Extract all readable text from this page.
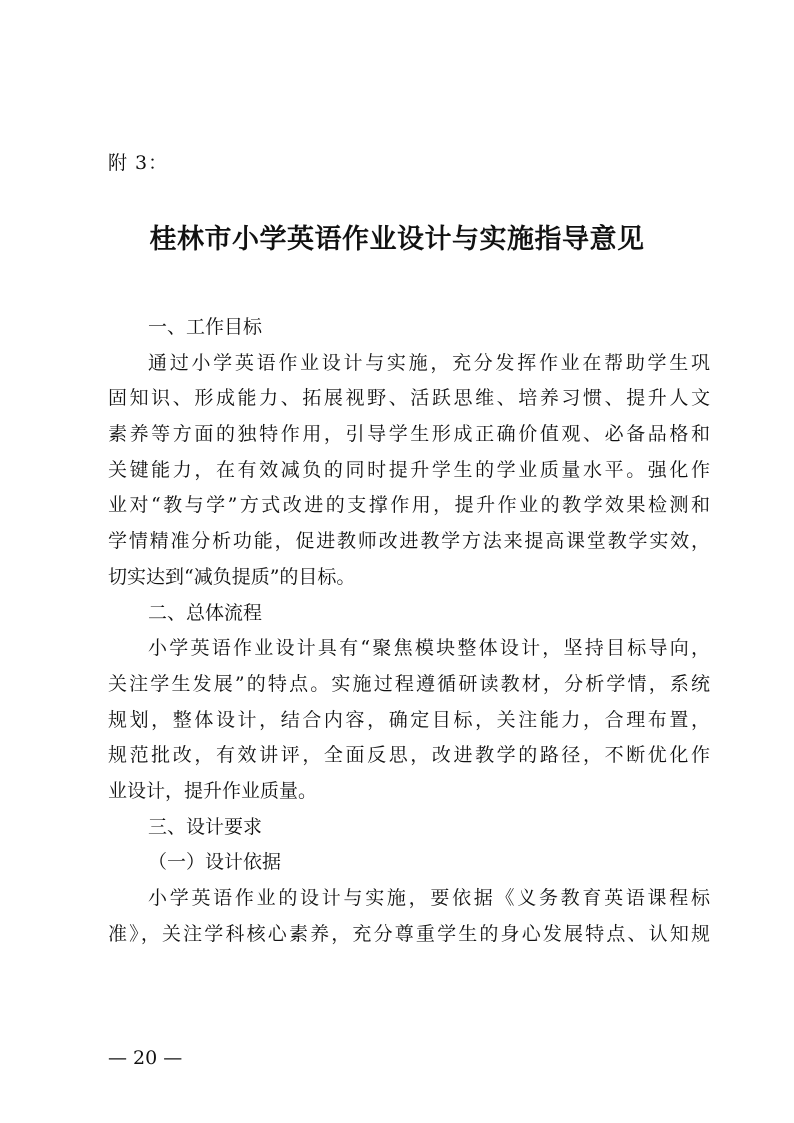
附 3：
桂林市小学英语作业设计与实施指导意见
一、工作目标
通过小学英语作业设计与实施，充分发挥作业在帮助学生巩
固知识、形成能力、拓展视野、活跃思维、培养习惯、提升人文
素养等方面的独特作用，引导学生形成正确价值观、必备品格和
关键能力，在有效减负的同时提升学生的学业质量水平。强化作
业对“教与学”方式改进的支撑作用，提升作业的教学效果检测和
学情精准分析功能，促进教师改进教学方法来提高课堂教学实效，
切实达到“减负提质”的目标。
二、总体流程
小学英语作业设计具有“聚焦模块整体设计，坚持目标导向，
关注学生发展”的特点。实施过程遵循研读教材，分析学情，系统
规划，整体设计，结合内容，确定目标，关注能力，合理布置，
规范批改，有效讲评，全面反思，改进教学的路径，不断优化作
业设计，提升作业质量。
三、设计要求
（一）设计依据
小学英语作业的设计与实施，要依据《义务教育英语课程标
准》，关注学科核心素养，充分尊重学生的身心发展特点、认知规
— 20 —
